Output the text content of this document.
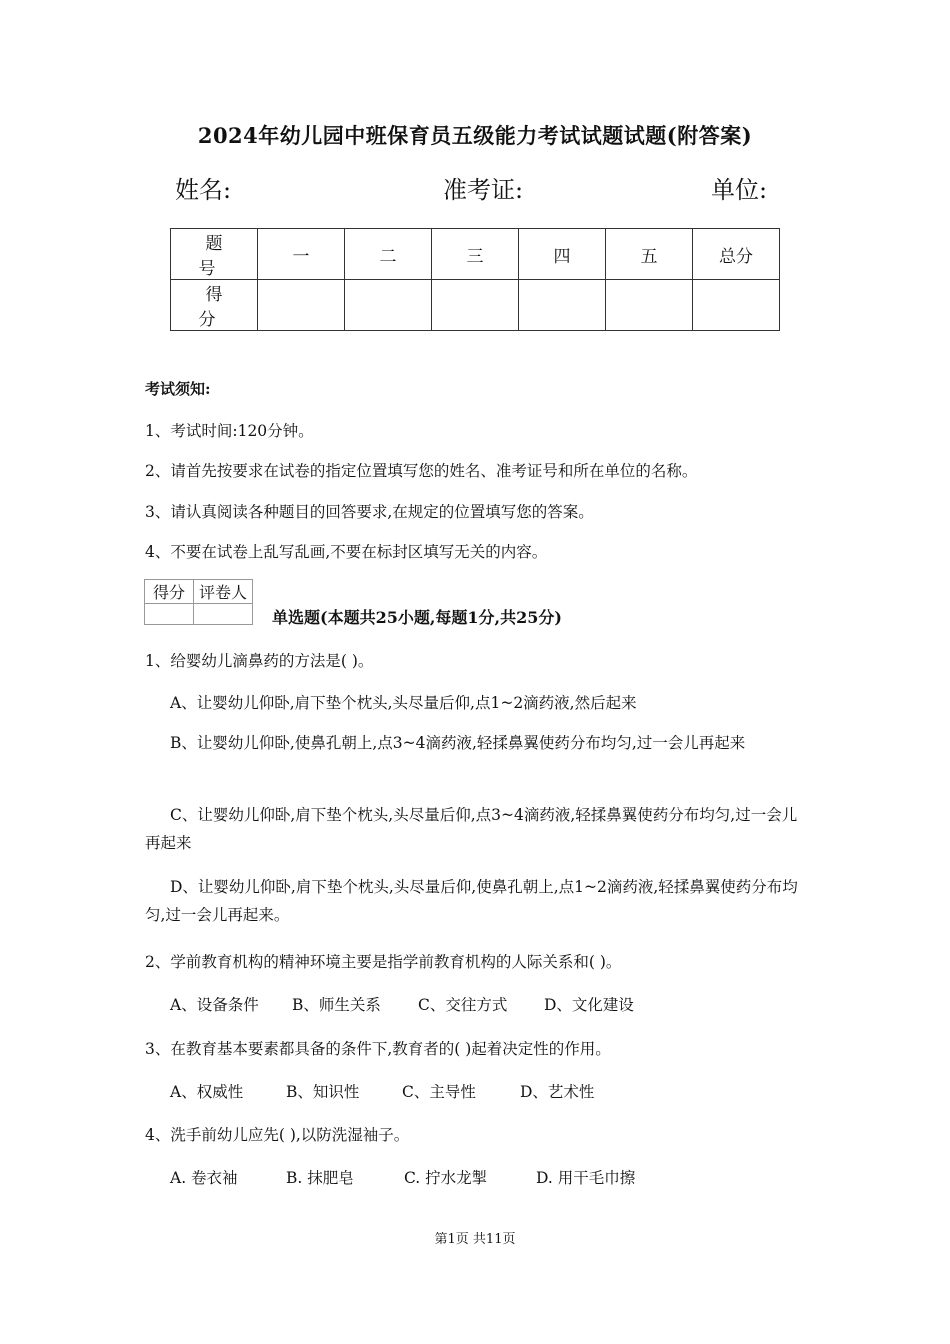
2024年幼儿园中班保育员五级能力考试试题试题(附答案)
姓名:	准考证:	单位:
题 号	一	二	三	四	五	总分
得 分						
考试须知:
1、考试时间:120分钟。
2、请首先按要求在试卷的指定位置填写您的姓名、准考证号和所在单位的名称。
3、请认真阅读各种题目的回答要求,在规定的位置填写您的答案。
4、不要在试卷上乱写乱画,不要在标封区填写无关的内容。
得分	评卷人

单选题(本题共25小题,每题1分,共25分)
1、给婴幼儿滴鼻药的方法是( )。
A、让婴幼儿仰卧,肩下垫个枕头,头尽量后仰,点1~2滴药液,然后起来
B、让婴幼儿仰卧,使鼻孔朝上,点3~4滴药液,轻揉鼻翼使药分布均匀,过一会儿再起来
C、让婴幼儿仰卧,肩下垫个枕头,头尽量后仰,点3~4滴药液,轻揉鼻翼使药分布均匀,过一会儿再起来
D、让婴幼儿仰卧,肩下垫个枕头,头尽量后仰,使鼻孔朝上,点1~2滴药液,轻揉鼻翼使药分布均匀,过一会儿再起来。
2、学前教育机构的精神环境主要是指学前教育机构的人际关系和( )。
A、设备条件 B、师生关系 C、交往方式 D、文化建设
3、在教育基本要素都具备的条件下,教育者的( )起着决定性的作用。
A、权威性	B、知识性	C、主导性	D、艺术性
4、洗手前幼儿应先( ),以防洗湿袖子。
A. 卷衣袖	B. 抹肥皂	C. 拧水龙掣	D. 用干毛巾擦
第1页 共11页
